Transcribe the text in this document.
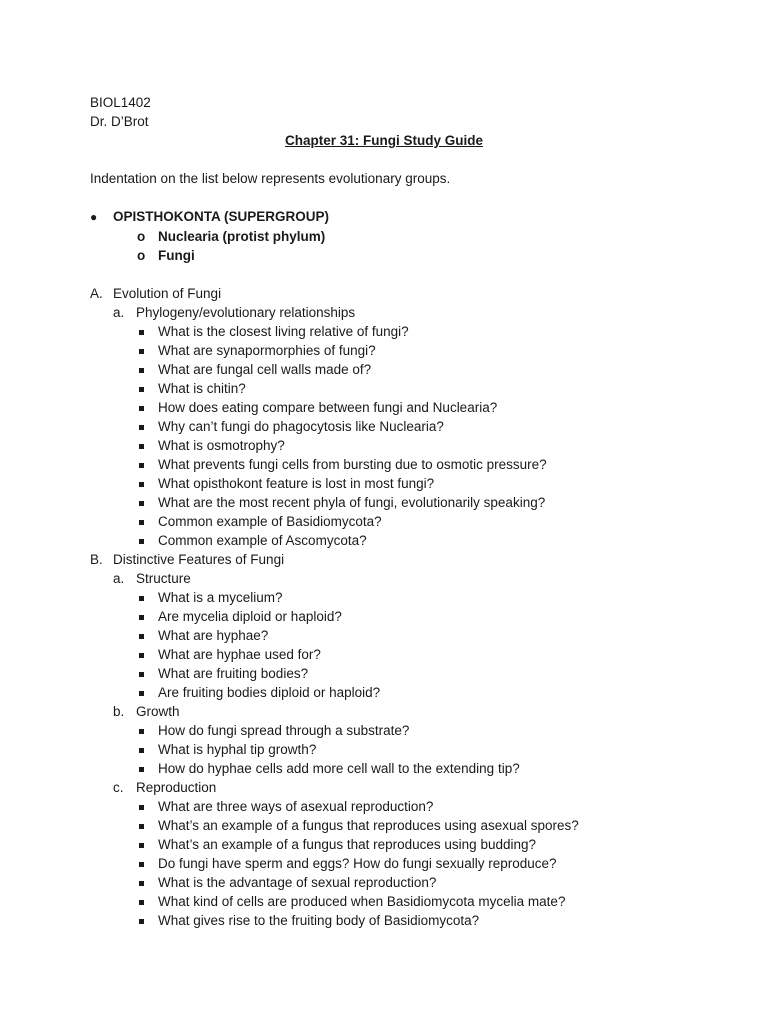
BIOL1402
Dr. D’Brot
Chapter 31: Fungi Study Guide
Indentation on the list below represents evolutionary groups.
● OPISTHOKONTA (SUPERGROUP)
o Nuclearia (protist phylum)
o Fungi
A. Evolution of Fungi
a. Phylogeny/evolutionary relationships
What is the closest living relative of fungi?
What are synapormorphies of fungi?
What are fungal cell walls made of?
What is chitin?
How does eating compare between fungi and Nuclearia?
Why can’t fungi do phagocytosis like Nuclearia?
What is osmotrophy?
What prevents fungi cells from bursting due to osmotic pressure?
What opisthokont feature is lost in most fungi?
What are the most recent phyla of fungi, evolutionarily speaking?
Common example of Basidiomycota?
Common example of Ascomycota?
B. Distinctive Features of Fungi
a. Structure
What is a mycelium?
Are mycelia diploid or haploid?
What are hyphae?
What are hyphae used for?
What are fruiting bodies?
Are fruiting bodies diploid or haploid?
b. Growth
How do fungi spread through a substrate?
What is hyphal tip growth?
How do hyphae cells add more cell wall to the extending tip?
c. Reproduction
What are three ways of asexual reproduction?
What’s an example of a fungus that reproduces using asexual spores?
What’s an example of a fungus that reproduces using budding?
Do fungi have sperm and eggs? How do fungi sexually reproduce?
What is the advantage of sexual reproduction?
What kind of cells are produced when Basidiomycota mycelia mate?
What gives rise to the fruiting body of Basidiomycota?
